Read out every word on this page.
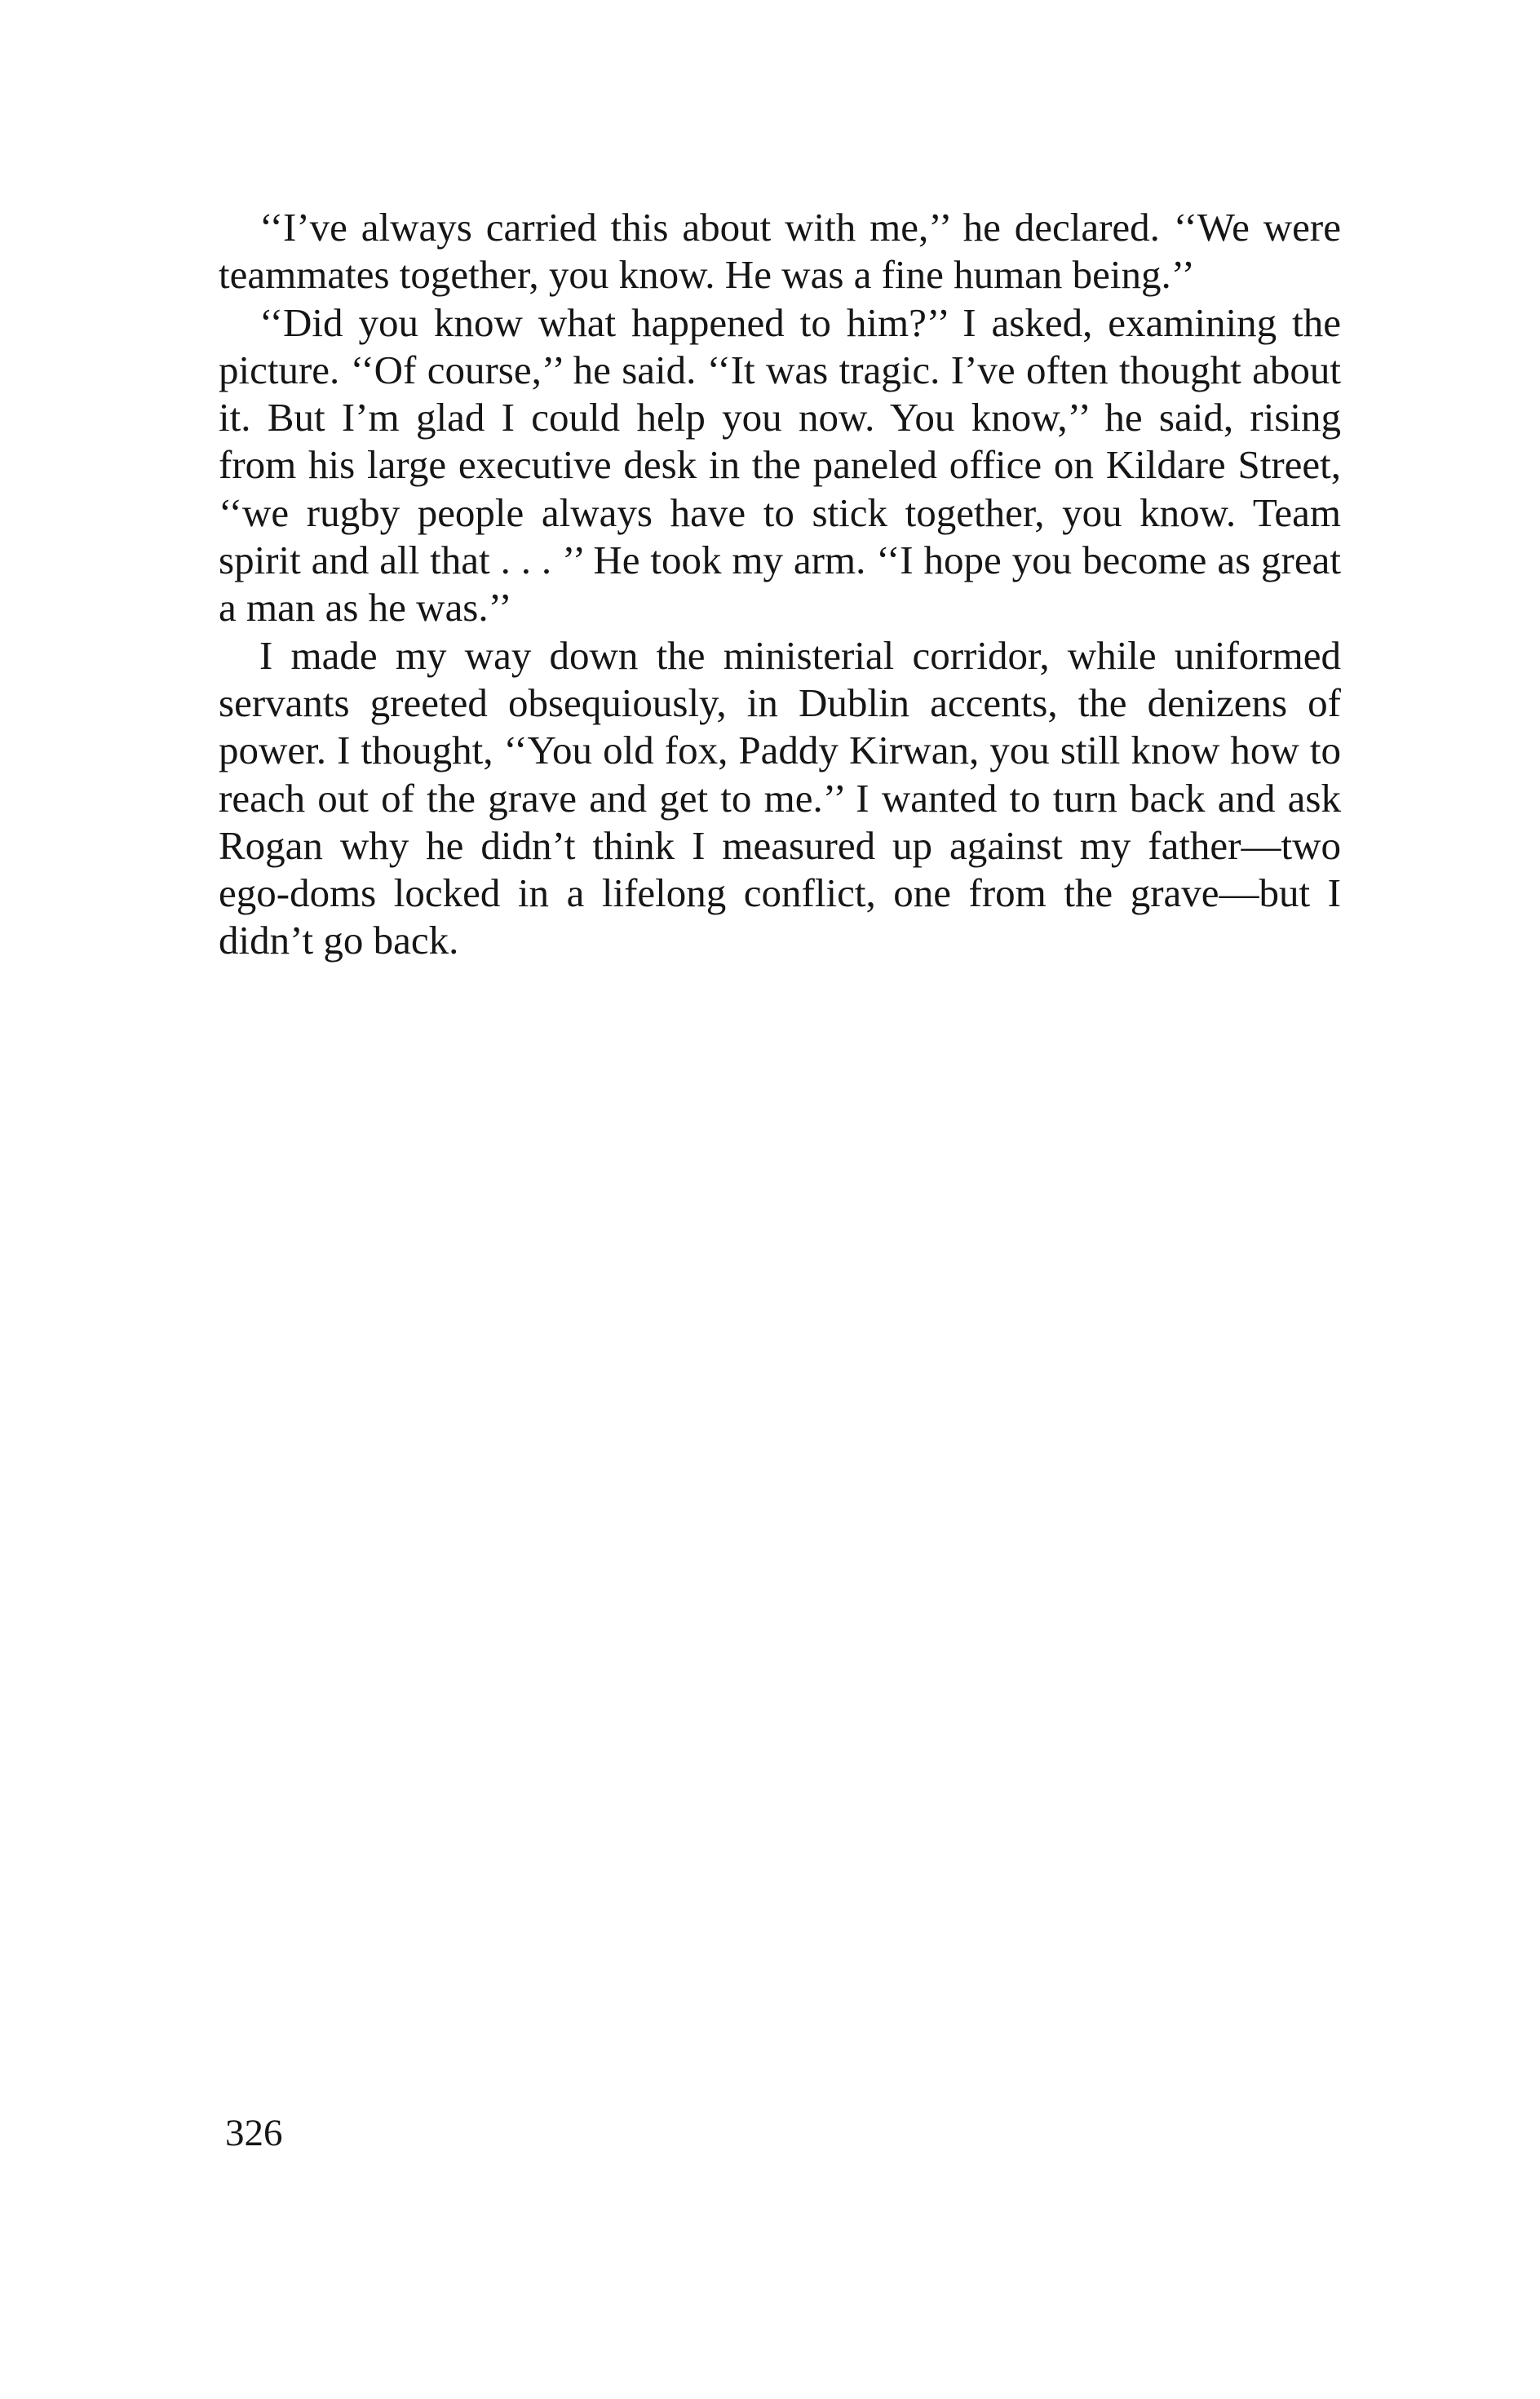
‘‘I’ve always carried this about with me,’’ he declared. ‘‘We were teammates together, you know. He was a fine human being.’’

‘‘Did you know what happened to him?’’ I asked, examining the picture. ‘‘Of course,’’ he said. ‘‘It was tragic. I’ve often thought about it. But I’m glad I could help you now. You know,’’ he said, rising from his large executive desk in the paneled office on Kildare Street, ‘‘we rugby people always have to stick together, you know. Team spirit and all that . . . ’’ He took my arm. ‘‘I hope you become as great a man as he was.’’

I made my way down the ministerial corridor, while uniformed servants greeted obsequiously, in Dublin accents, the denizens of power. I thought, ‘‘You old fox, Paddy Kirwan, you still know how to reach out of the grave and get to me.’’ I wanted to turn back and ask Rogan why he didn’t think I measured up against my father—two ego-doms locked in a lifelong conflict, one from the grave—but I didn’t go back.

326
